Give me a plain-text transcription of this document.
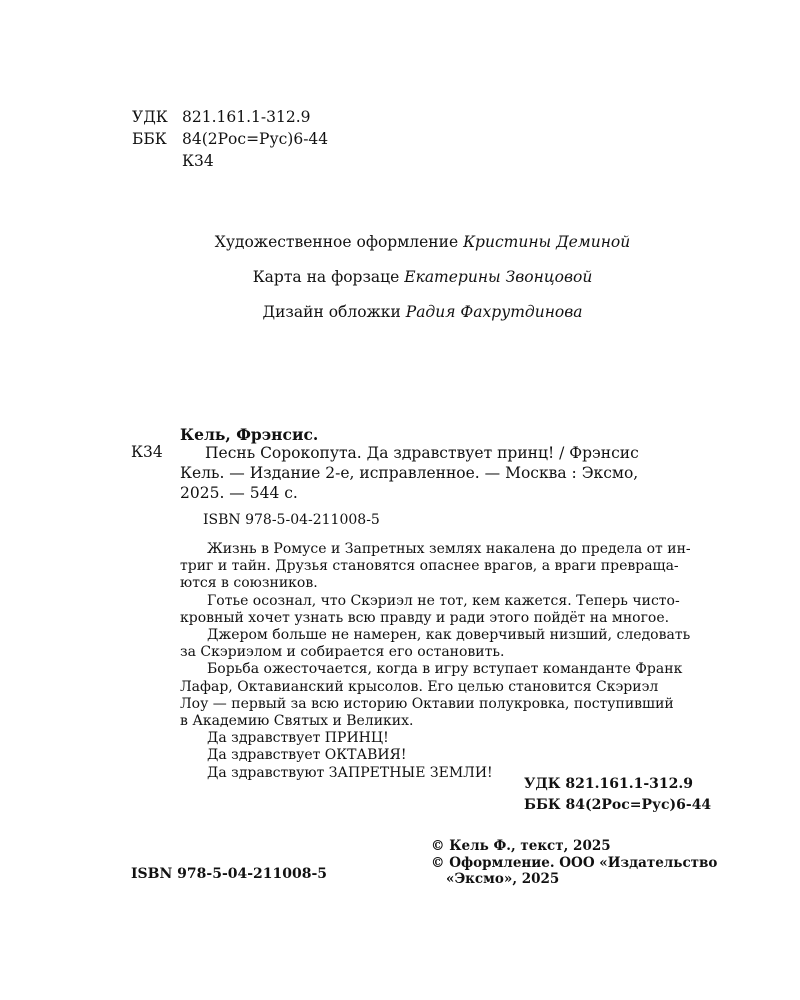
УДК 821.161.1-312.9
ББК 84(2Рос=Рус)6-44
К34
Художественное оформление Кристины Деминой
Карта на форзаце Екатерины Звонцовой
Дизайн обложки Радия Фахрутдинова
Кель, Фрэнсис.
К34	Песнь Сорокопута. Да здравствует принц! / Фрэнсис
Кель. — Издание 2-е, исправленное. — Москва : Эксмо,
2025. — 544 с.
ISBN 978-5-04-211008-5
Жизнь в Ромусе и Запретных землях накалена до предела от ин-
триг и тайн. Друзья становятся опаснее врагов, а враги превраща-
ются в союзников.
Готье осознал, что Скэриэл не тот, кем кажется. Теперь чисто-
кровный хочет узнать всю правду и ради этого пойдёт на многое.
Джером больше не намерен, как доверчивый низший, следовать
за Скэриэлом и собирается его остановить.
Борьба ожесточается, когда в игру вступает команданте Франк
Лафар, Октавианский крысолов. Его целью становится Скэриэл
Лоу — первый за всю историю Октавии полукровка, поступивший
в Академию Святых и Великих.
Да здравствует ПРИНЦ!
Да здравствует ОКТАВИЯ!
Да здравствуют ЗАПРЕТНЫЕ ЗЕМЛИ!
УДК 821.161.1-312.9
ББК 84(2Рос=Рус)6-44
© Кель Ф., текст, 2025
© Оформление. ООО «Издательство
«Эксмо», 2025
ISBN 978-5-04-211008-5
